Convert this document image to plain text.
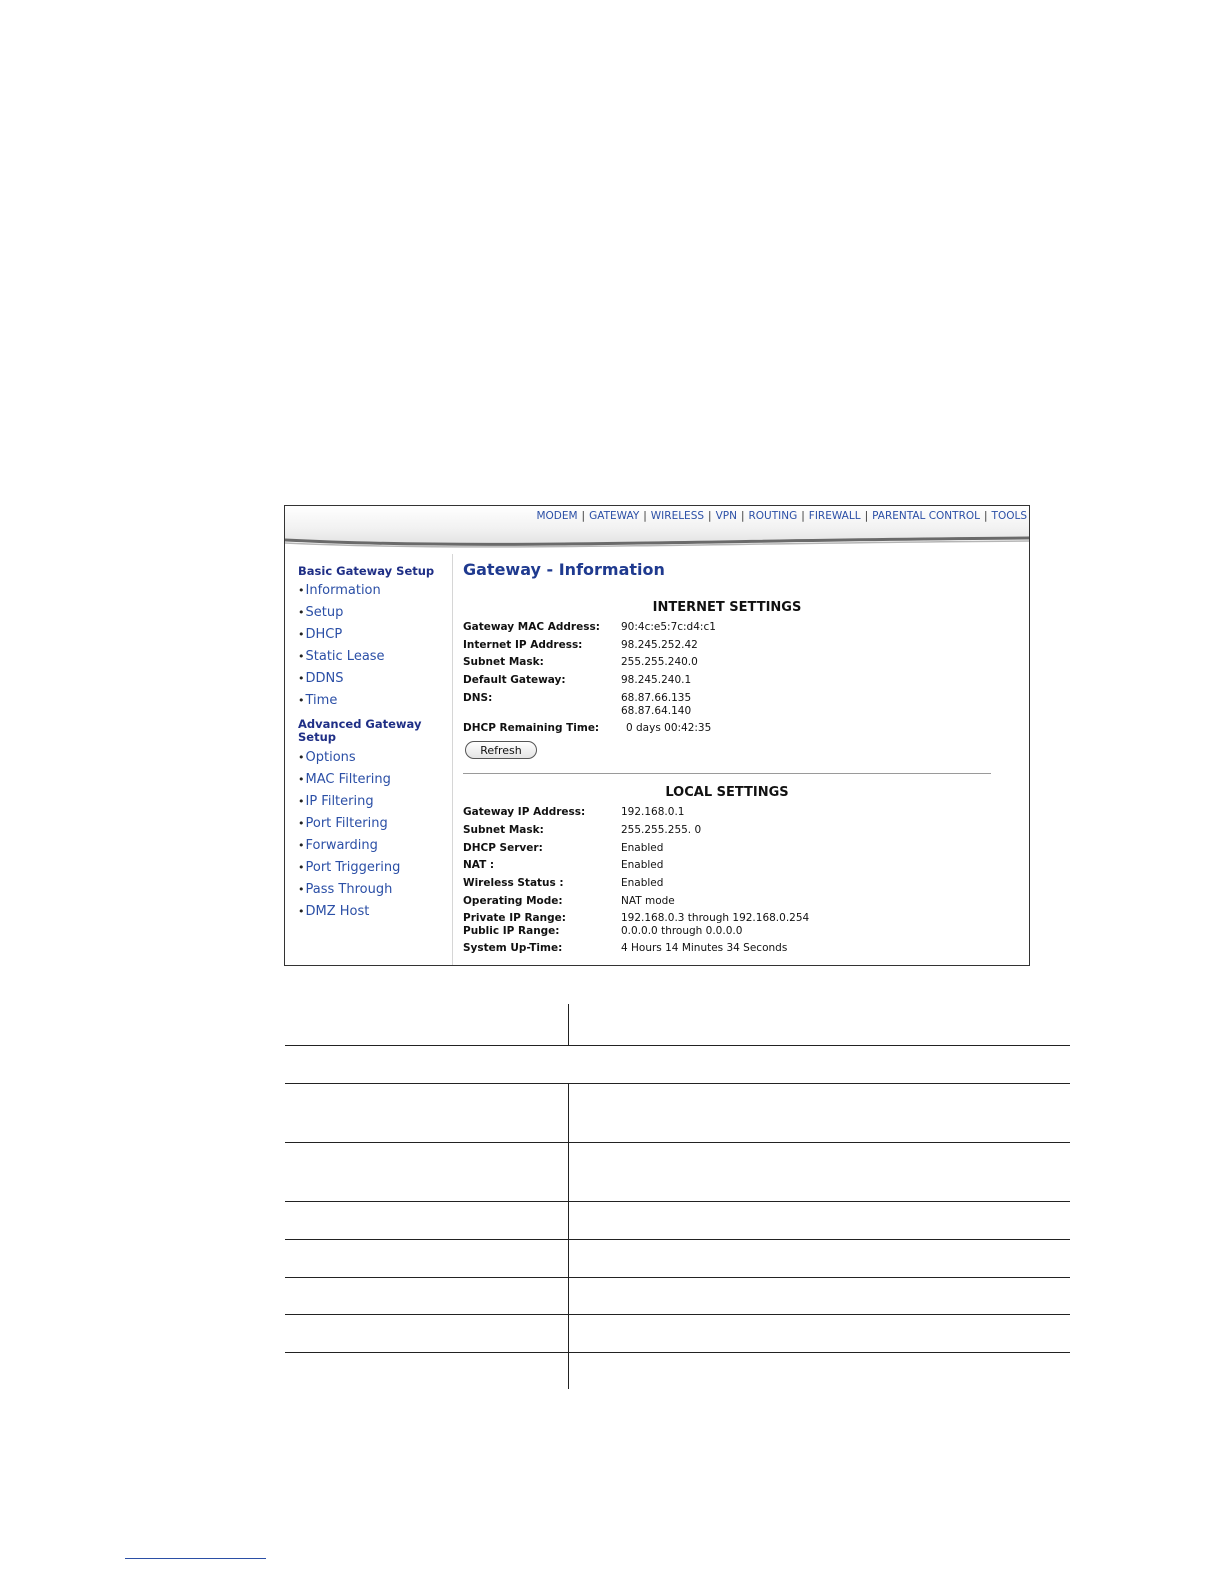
MODEM | GATEWAY | WIRELESS | VPN | ROUTING | FIREWALL | PARENTAL CONTROL | TOOLS
Basic Gateway Setup
•Information
•Setup
•DHCP
•Static Lease
•DDNS
•Time
Advanced Gateway
Setup
•Options
•MAC Filtering
•IP Filtering
•Port Filtering
•Forwarding
•Port Triggering
•Pass Through
•DMZ Host
Gateway - Information
INTERNET SETTINGS
Gateway MAC Address: 90:4c:e5:7c:d4:c1
Internet IP Address:	98.245.252.42
Subnet Mask:	255.255.240.0
Default Gateway:	98.245.240.1
DNS:	68.87.66.135
68.87.64.140
DHCP Remaining Time:	0 days 00:42:35
Refresh
LOCAL SETTINGS
Gateway IP Address:	192.168.0.1
Subnet Mask:	255.255.255. 0
DHCP Server:	Enabled
NAT :	Enabled
Wireless Status :	Enabled
Operating Mode:	NAT mode
Private IP Range:	192.168.0.3 through 192.168.0.254
Public IP Range:	0.0.0.0 through 0.0.0.0
System Up-Time:	4 Hours 14 Minutes 34 Seconds
